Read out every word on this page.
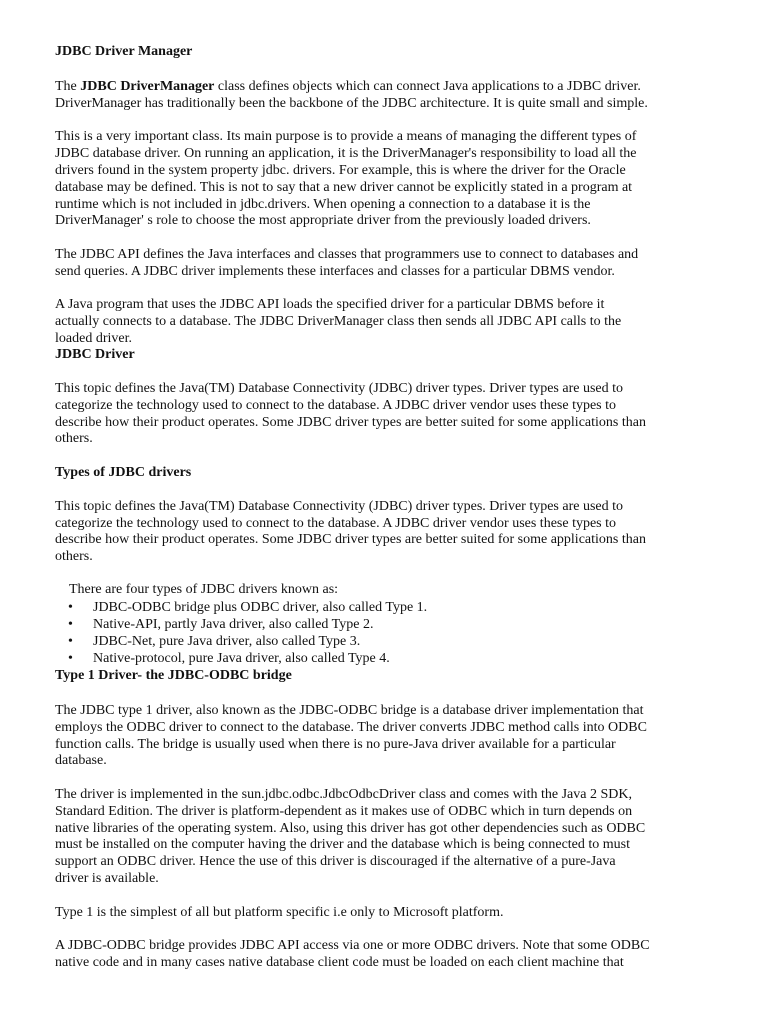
JDBC Driver Manager
The JDBC DriverManager class defines objects which can connect Java applications to a JDBC driver.
DriverManager has traditionally been the backbone of the JDBC architecture. It is quite small and simple.
This is a very important class. Its main purpose is to provide a means of managing the different types of
JDBC database driver. On running an application, it is the DriverManager's responsibility to load all the
drivers found in the system property jdbc. drivers. For example, this is where the driver for the Oracle
database may be defined. This is not to say that a new driver cannot be explicitly stated in a program at
runtime which is not included in jdbc.drivers. When opening a connection to a database it is the
DriverManager' s role to choose the most appropriate driver from the previously loaded drivers.
The JDBC API defines the Java interfaces and classes that programmers use to connect to databases and
send queries. A JDBC driver implements these interfaces and classes for a particular DBMS vendor.
A Java program that uses the JDBC API loads the specified driver for a particular DBMS before it
actually connects to a database. The JDBC DriverManager class then sends all JDBC API calls to the
loaded driver.
JDBC Driver
This topic defines the Java(TM) Database Connectivity (JDBC) driver types. Driver types are used to
categorize the technology used to connect to the database. A JDBC driver vendor uses these types to
describe how their product operates. Some JDBC driver types are better suited for some applications than
others.
Types of JDBC drivers
This topic defines the Java(TM) Database Connectivity (JDBC) driver types. Driver types are used to
categorize the technology used to connect to the database. A JDBC driver vendor uses these types to
describe how their product operates. Some JDBC driver types are better suited for some applications than
others.
There are four types of JDBC drivers known as:
• JDBC-ODBC bridge plus ODBC driver, also called Type 1.
• Native-API, partly Java driver, also called Type 2.
• JDBC-Net, pure Java driver, also called Type 3.
• Native-protocol, pure Java driver, also called Type 4.
Type 1 Driver- the JDBC-ODBC bridge
The JDBC type 1 driver, also known as the JDBC-ODBC bridge is a database driver implementation that
employs the ODBC driver to connect to the database. The driver converts JDBC method calls into ODBC
function calls. The bridge is usually used when there is no pure-Java driver available for a particular
database.
The driver is implemented in the sun.jdbc.odbc.JdbcOdbcDriver class and comes with the Java 2 SDK,
Standard Edition. The driver is platform-dependent as it makes use of ODBC which in turn depends on
native libraries of the operating system. Also, using this driver has got other dependencies such as ODBC
must be installed on the computer having the driver and the database which is being connected to must
support an ODBC driver. Hence the use of this driver is discouraged if the alternative of a pure-Java
driver is available.
Type 1 is the simplest of all but platform specific i.e only to Microsoft platform.
A JDBC-ODBC bridge provides JDBC API access via one or more ODBC drivers. Note that some ODBC
native code and in many cases native database client code must be loaded on each client machine that
